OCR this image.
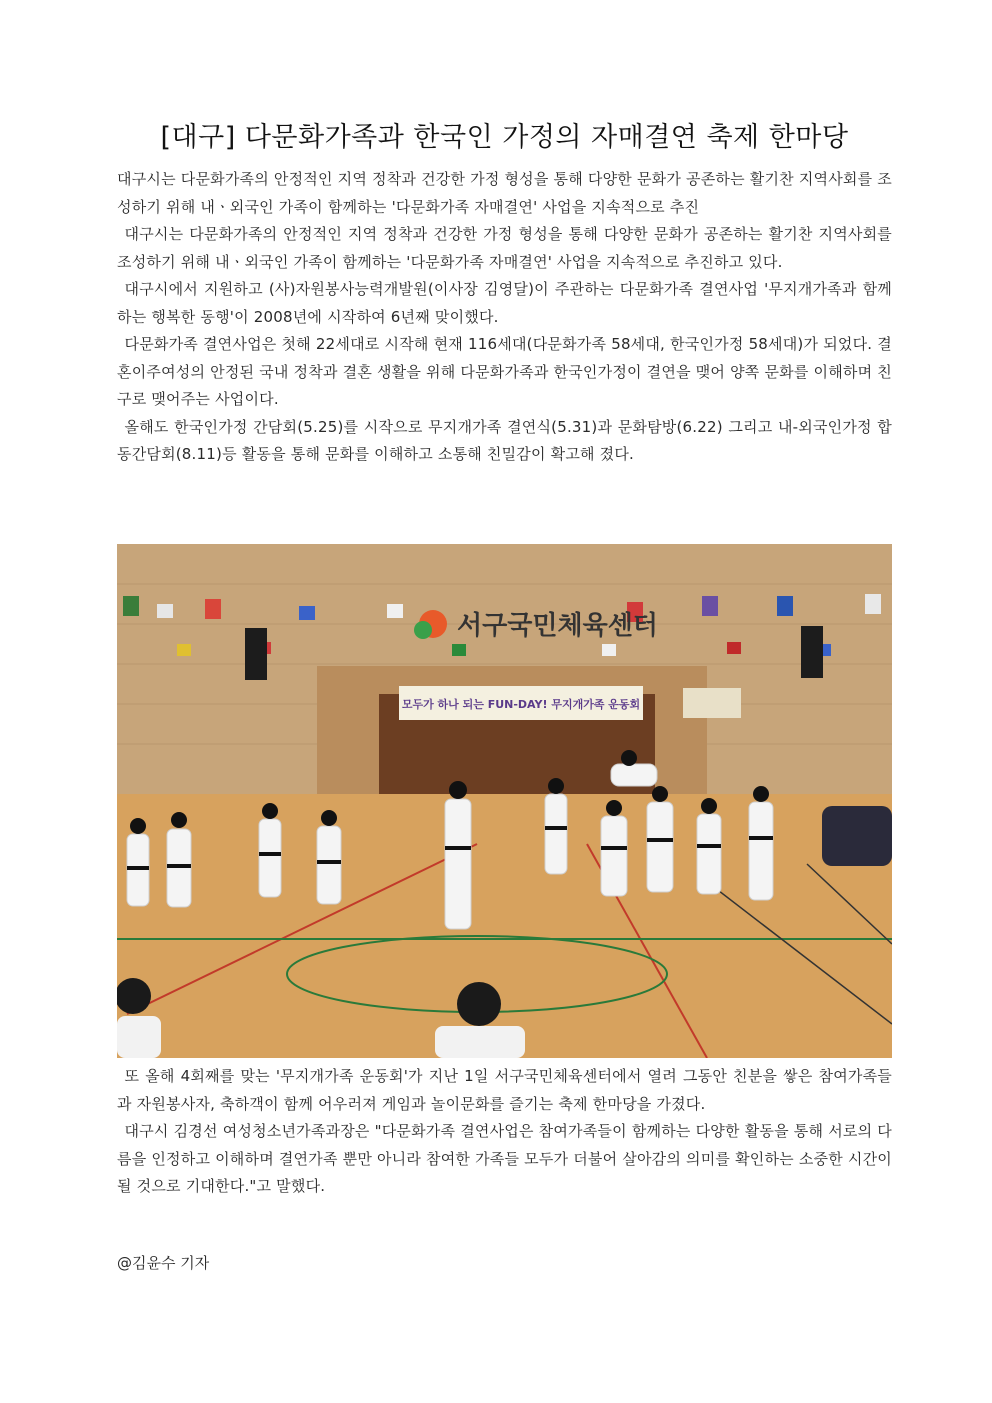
[대구] 다문화가족과 한국인 가정의 자매결연 축제 한마당

대구시는 다문화가족의 안정적인 지역 정착과 건강한 가정 형성을 통해 다양한 문화가 공존하는 활기찬 지역사회를 조성하기 위해 내ㆍ외국인 가족이 함께하는 '다문화가족 자매결연' 사업을 지속적으로 추진

대구시는 다문화가족의 안정적인 지역 정착과 건강한 가정 형성을 통해 다양한 문화가 공존하는 활기찬 지역사회를 조성하기 위해 내ㆍ외국인 가족이 함께하는 '다문화가족 자매결연' 사업을 지속적으로 추진하고 있다.

대구시에서 지원하고 (사)자원봉사능력개발원(이사장 김영달)이 주관하는 다문화가족 결연사업 '무지개가족과 함께하는 행복한 동행'이 2008년에 시작하여 6년째 맞이했다.

다문화가족 결연사업은 첫해 22세대로 시작해 현재 116세대(다문화가족 58세대, 한국인가정 58세대)가 되었다. 결혼이주여성의 안정된 국내 정착과 결혼 생활을 위해 다문화가족과 한국인가정이 결연을 맺어 양쪽 문화를 이해하며 친구로 맺어주는 사업이다.

올해도 한국인가정 간담회(5.25)를 시작으로 무지개가족 결연식(5.31)과 문화탐방(6.22) 그리고 내-외국인가정 합동간담회(8.11)등 활동을 통해 문화를 이해하고 소통해 친밀감이 확고해 졌다.

서구국민체육센터
모두가 하나 되는 FUN-DAY! 무지개가족 운동회

또 올해 4회째를 맞는 '무지개가족 운동회'가 지난 1일 서구국민체육센터에서 열려 그동안 친분을 쌓은 참여가족들과 자원봉사자, 축하객이 함께 어우러져 게임과 놀이문화를 즐기는 축제 한마당을 가졌다.

대구시 김경선 여성청소년가족과장은 "다문화가족 결연사업은 참여가족들이 함께하는 다양한 활동을 통해 서로의 다름을 인정하고 이해하며 결연가족 뿐만 아니라 참여한 가족들 모두가 더불어 살아감의 의미를 확인하는 소중한 시간이 될 것으로 기대한다."고 말했다.

@김윤수 기자
